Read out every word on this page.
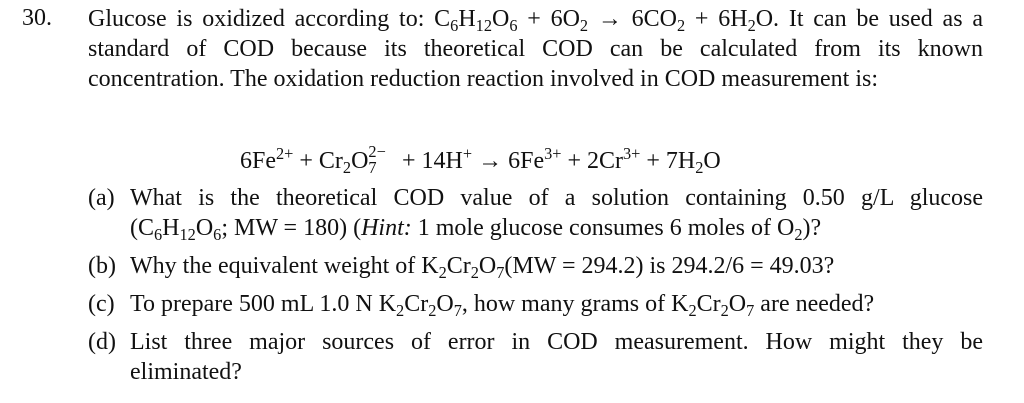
30. Glucose is oxidized according to: $C_6H_{12}O_6 + 6O_2 \to 6CO_2 + 6H_2O$. It can be used as a
standard of COD because its theoretical COD can be calculated from its known
concentration. The oxidation reduction reaction involved in COD measurement is:
$6Fe^{2+} + Cr_2O$ 2−
$7 + 14H^+ \to 6Fe^{3+} + 2Cr^{3+} + 7H_2O$
(a) What is the theoretical COD value of a solution containing 0.50 g/L glucose
($C_6H_{12}O_6$; MW = 180) (Hint: 1 mole glucose consumes 6 moles of $O_2$)?
(b) Why the equivalent weight of $K_2Cr_2O_7(MW = 294.2)$ is 294.2/6 = 49.03?
(c) To prepare 500 mL 1.0 N $K_2Cr_2O_7$, how many grams of $K_2Cr_2O_7$ are needed?
(d) List three major sources of error in COD measurement. How might they be
eliminated?
